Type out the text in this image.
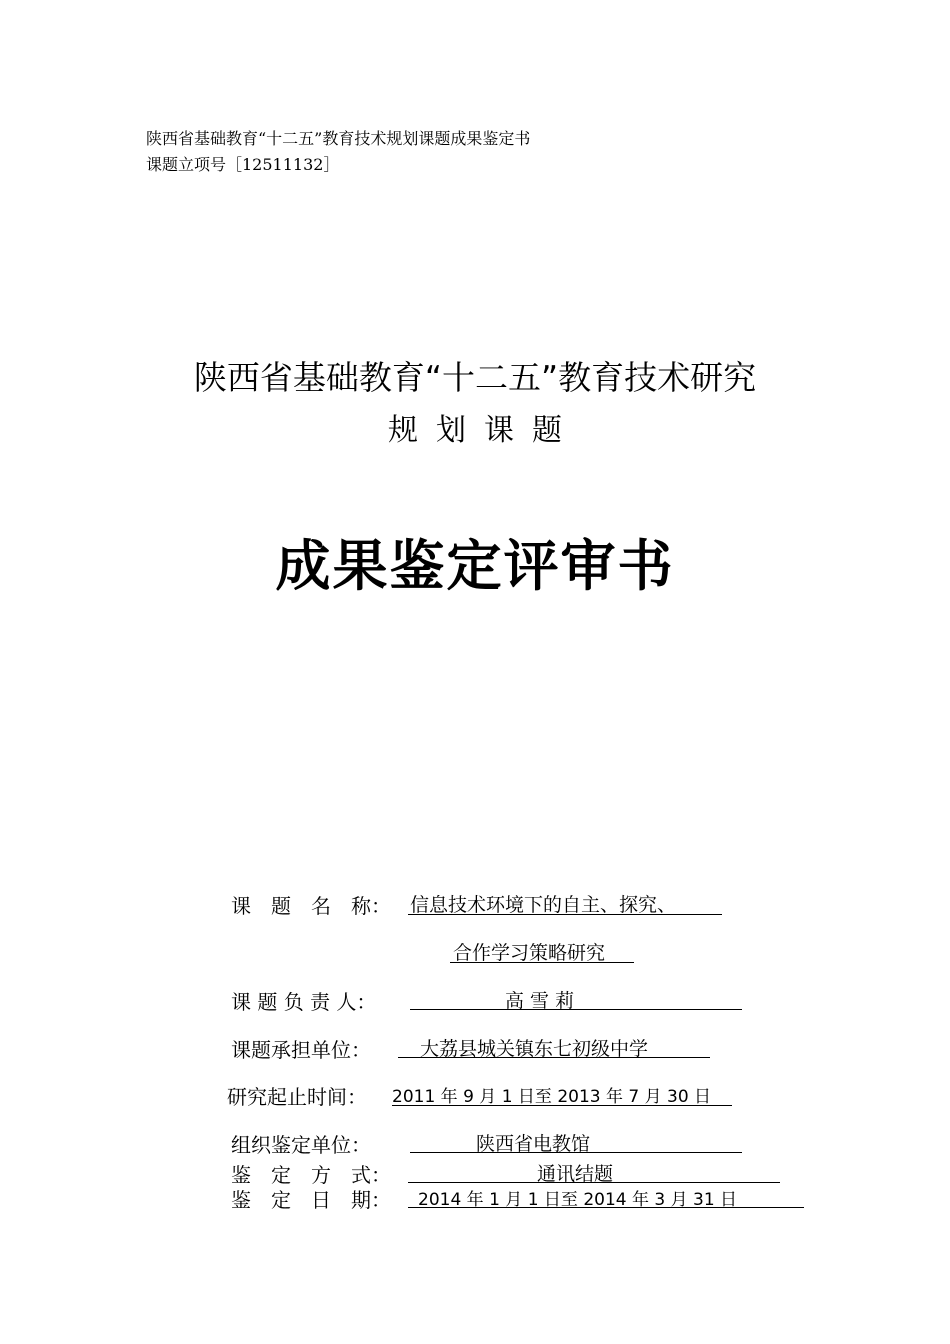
陕西省基础教育“十二五”教育技术规划课题成果鉴定书
课题立项号［12511132］
陕西省基础教育“十二五”教育技术研究
规划课题
成果鉴定评审书
课　题　名　称： 信息技术环境下的自主、探究、
合作学习策略研究
课 题 负 责 人：	高 雪 莉
课题承担单位：	大荔县城关镇东七初级中学
研究起止时间： 2011 年 9 月 1 日至 2013 年 7 月 30 日
组织鉴定单位：	陕西省电教馆
鉴　定　方　式：	通讯结题
鉴　定　日　期： 2014 年 1 月 1 日至 2014 年 3 月 31 日
